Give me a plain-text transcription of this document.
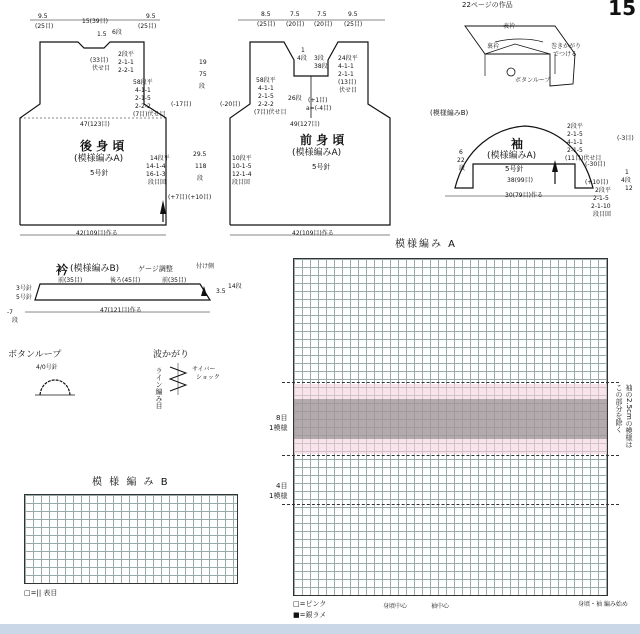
22ページの作品	15
9.5
(25目)
15(39目)
9.5
(25目)
1.5 6段
(33目)
伏せ目
2段平
2-1-1
2-2-1
58段平
4-1-1
2-1-5
2-2-2
(7目)伏せ目
(-17目)
47(123目)
後 身 頃
(模様編みA)
5号針
14段平
14-1-4
16-1-3
段目回
(+7目) (+10目)
42(109目)作る
19
75
段
29.5
118
段
8.5
(25目)
7.5
(20目)
7.5
(20目)
9.5
(25目)
1
4段 3段
38段
24段平
4-1-1
2-1-1
(13目)
伏せ目
58段平
4-1-1
2-1-5
2-2-2
(7目)伏せ目
(-20目)
26段 (+1目)
a=(-4目)
49(127目)
前 身 頃
(模様編みA)
5号針
10段平
10-1-5
12-1-4
段目回
42(109目)作る
表衿
裏衿	巻きかがり
でつける
ボタンループ
(模様編みB)
袖
(模様編みA)
5号針
2段平
2-1-5
4-1-1
2-1-5
(11目)伏せ目
(-3目)
(-30目)
38(99目)	(+10目)
2段平
2-1-5
2-1-10
段目回
30(79目)作る
6
22
段
1
4段
12
衿 (模様編みB)	ゲージ調整	付け側
前(35目)	後ろ(45目)	前(35目)
3号針
5号針
3.5
14段
-7
段
47(121目)作る
ボタンループ
4/0号針
波かがり
サイバー
ショック
ライン編み目
模様編み A
8目
1模様
4目
1模様
袖の2.5cmの模様は この部分を除く
□=ピンク
■=銀ラメ
身頃中心	袖中心	身頃・袖 編み始め
模 様 編 み B
□=|| 表目
